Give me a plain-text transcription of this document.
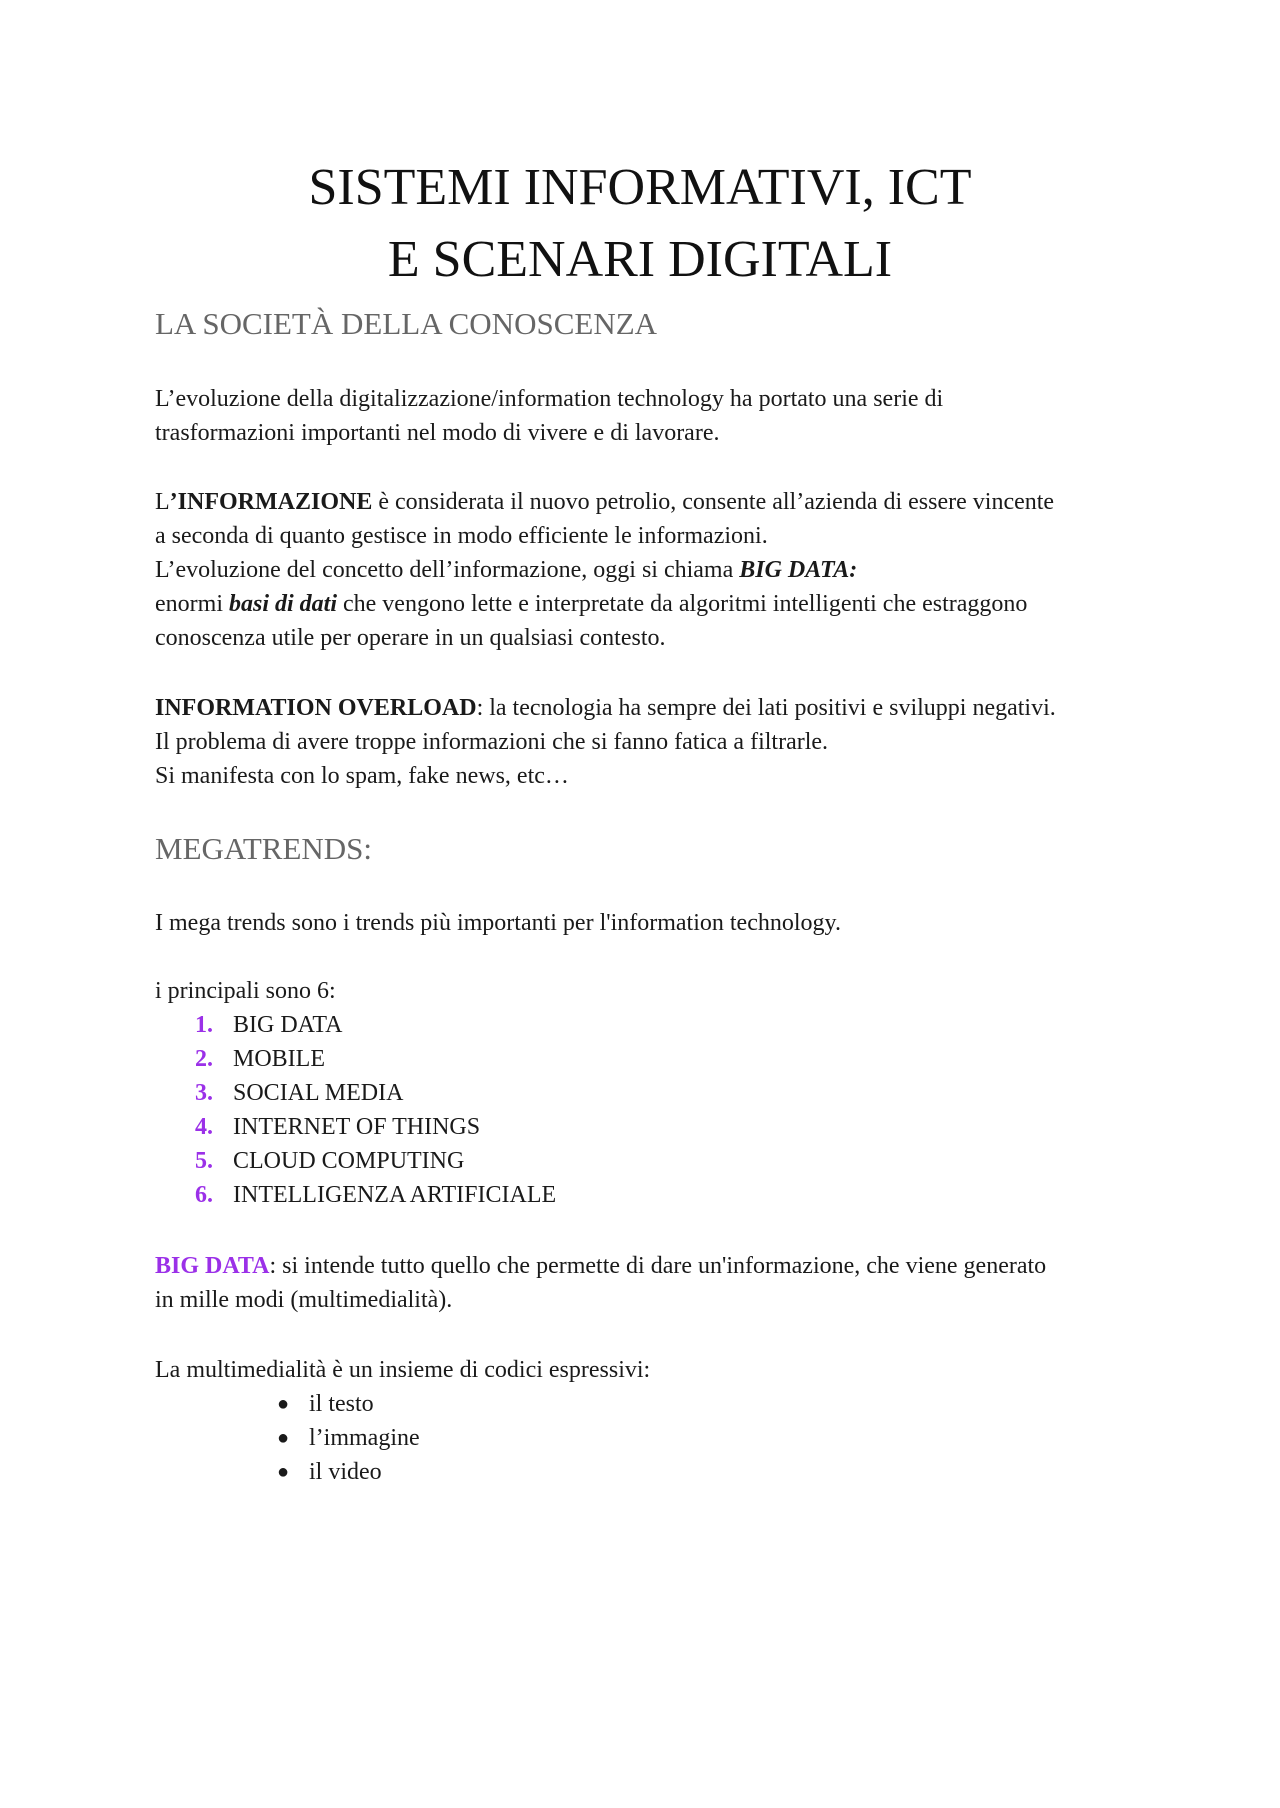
SISTEMI INFORMATIVI, ICT
E SCENARI DIGITALI
LA SOCIETÀ DELLA CONOSCENZA

L’evoluzione della digitalizzazione/information technology ha portato una serie di

trasformazioni importanti nel modo di vivere e di lavorare.

L’INFORMAZIONE è considerata il nuovo petrolio, consente all’azienda di essere vincente

a seconda di quanto gestisce in modo efficiente le informazioni.

L’evoluzione del concetto dell’informazione, oggi si chiama BIG DATA:

enormi basi di dati che vengono lette e interpretate da algoritmi intelligenti che estraggono

conoscenza utile per operare in un qualsiasi contesto.

INFORMATION OVERLOAD: la tecnologia ha sempre dei lati positivi e sviluppi negativi.

Il problema di avere troppe informazioni che si fanno fatica a filtrarle.

Si manifesta con lo spam, fake news, etc…

MEGATRENDS:

I mega trends sono i trends più importanti per l'information technology.

i principali sono 6:

1. BIG DATA
2. MOBILE
3. SOCIAL MEDIA
4. INTERNET OF THINGS
5. CLOUD COMPUTING
6. INTELLIGENZA ARTIFICIALE

BIG DATA: si intende tutto quello che permette di dare un'informazione, che viene generato

in mille modi (multimedialità).

La multimedialità è un insieme di codici espressivi:

● il testo
● l’immagine
● il video
